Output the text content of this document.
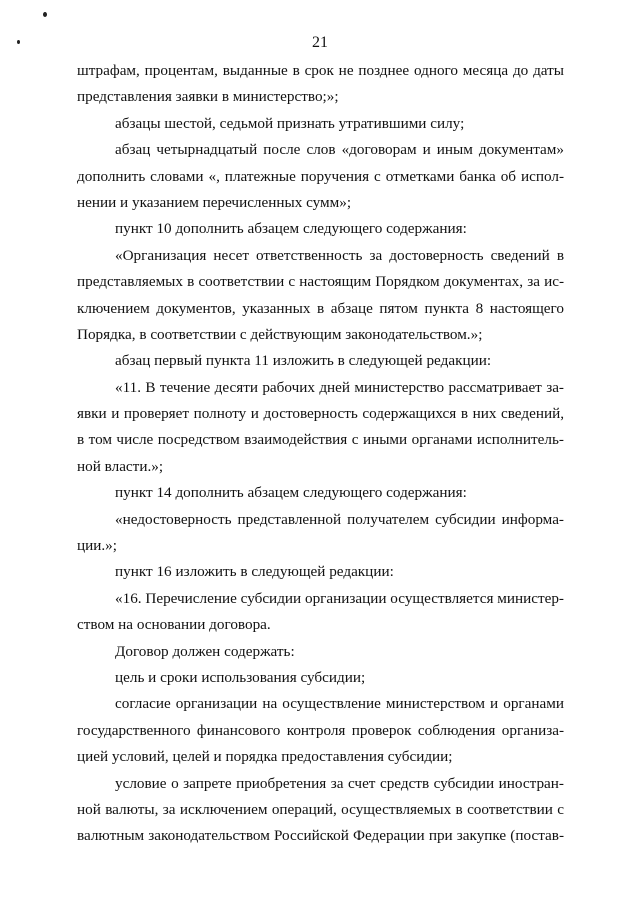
21
штрафам, процентам, выданные в срок не позднее одного месяца до даты
представления заявки в министерство;»;
абзацы шестой, седьмой признать утратившими силу;
абзац четырнадцатый после слов «договорам и иным документам»
дополнить словами «, платежные поручения с отметками банка об испол-
нении и указанием перечисленных сумм»;
пункт 10 дополнить абзацем следующего содержания:
«Организация несет ответственность за достоверность сведений в
представляемых в соответствии с настоящим Порядком документах, за ис-
ключением документов, указанных в абзаце пятом пункта 8 настоящего
Порядка, в соответствии с действующим законодательством.»;
абзац первый пункта 11 изложить в следующей редакции:
«11. В течение десяти рабочих дней министерство рассматривает за-
явки и проверяет полноту и достоверность содержащихся в них сведений,
в том числе посредством взаимодействия с иными органами исполнитель-
ной власти.»;
пункт 14 дополнить абзацем следующего содержания:
«недостоверность представленной получателем субсидии информа-
ции.»;
пункт 16 изложить в следующей редакции:
«16. Перечисление субсидии организации осуществляется министер-
ством на основании договора.
Договор должен содержать:
цель и сроки использования субсидии;
согласие организации на осуществление министерством и органами
государственного финансового контроля проверок соблюдения организа-
цией условий, целей и порядка предоставления субсидии;
условие о запрете приобретения за счет средств субсидии иностран-
ной валюты, за исключением операций, осуществляемых в соответствии с
валютным законодательством Российской Федерации при закупке (постав-
